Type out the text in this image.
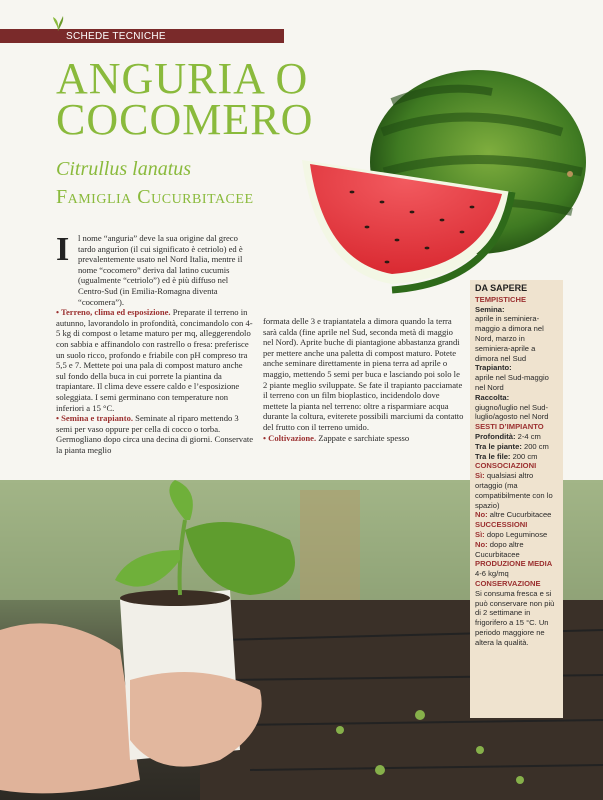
SCHEDE TECNICHE
ANGURIA O
COCOMERO
Citrullus lanatus
Famiglia Cucurbitacee
I l nome “anguria” deve la sua origine dal greco tardo angurìon (il cui significato è cetriolo) ed è prevalentemente usato nel Nord Italia, mentre il nome “cocomero” deriva dal latino cucumis (ugualmente “cetriolo”) ed è più diffuso nel Centro-Sud (in Emilia-Romagna diventa “cocomera”).

• Terreno, clima ed esposizione. Preparate il terreno in autunno, lavorandolo in profondità, concimandolo con 4-5 kg di compost o letame maturo per mq, alleggerendolo con sabbia e affinandolo con rastrello o fresa: preferisce un suolo ricco, profondo e friabile con pH compreso tra 5,5 e 7. Mettete poi una pala di compost maturo anche sul fondo della buca in cui porrete la piantina da trapiantare. Il clima deve essere caldo e l’esposizione soleggiata. I semi germinano con temperature non inferiori a 15 °C.

• Semina e trapianto. Seminate al riparo mettendo 3 semi per vaso oppure per cella di cocco o torba. Germogliano dopo circa una decina di giorni. Conservate la pianta meglio

formata delle 3 e trapiantatela a dimora quando la terra sarà calda (fine aprile nel Sud, seconda metà di maggio nel Nord). Aprite buche di piantagione abbastanza grandi per mettere anche una paletta di compost maturo. Potete anche seminare direttamente in piena terra ad aprile o maggio, mettendo 5 semi per buca e lasciando poi solo le 2 piante meglio sviluppate. Se fate il trapianto pacciamate il terreno con un film bioplastico, incidendolo dove mettete la pianta nel terreno: oltre a risparmiare acqua durante la coltura, eviterete possibili marciumi da contatto del frutto con il terreno umido.

• Coltivazione. Zappate e sarchiate spesso

DA SAPERE
TEMPISTICHE
Semina:
aprile in seminiera-maggio a dimora nel Nord, marzo in seminiera-aprile a dimora nel Sud
Trapianto:
aprile nel Sud-maggio nel Nord
Raccolta:
giugno/luglio nel Sud-luglio/agosto nel Nord
SESTI D’IMPIANTO
Profondità: 2-4 cm
Tra le piante: 200 cm
Tra le file: 200 cm
CONSOCIAZIONI
Sì: qualsiasi altro ortaggio (ma compatibilmente con lo spazio)
No: altre Cucurbitacee
SUCCESSIONI
Sì: dopo Leguminose
No: dopo altre Cucurbitacee
PRODUZIONE MEDIA
4-6 kg/mq
CONSERVAZIONE
Si consuma fresca e si può conservare non più di 2 settimane in frigorifero a 15 °C. Un periodo maggiore ne altera la qualità.
